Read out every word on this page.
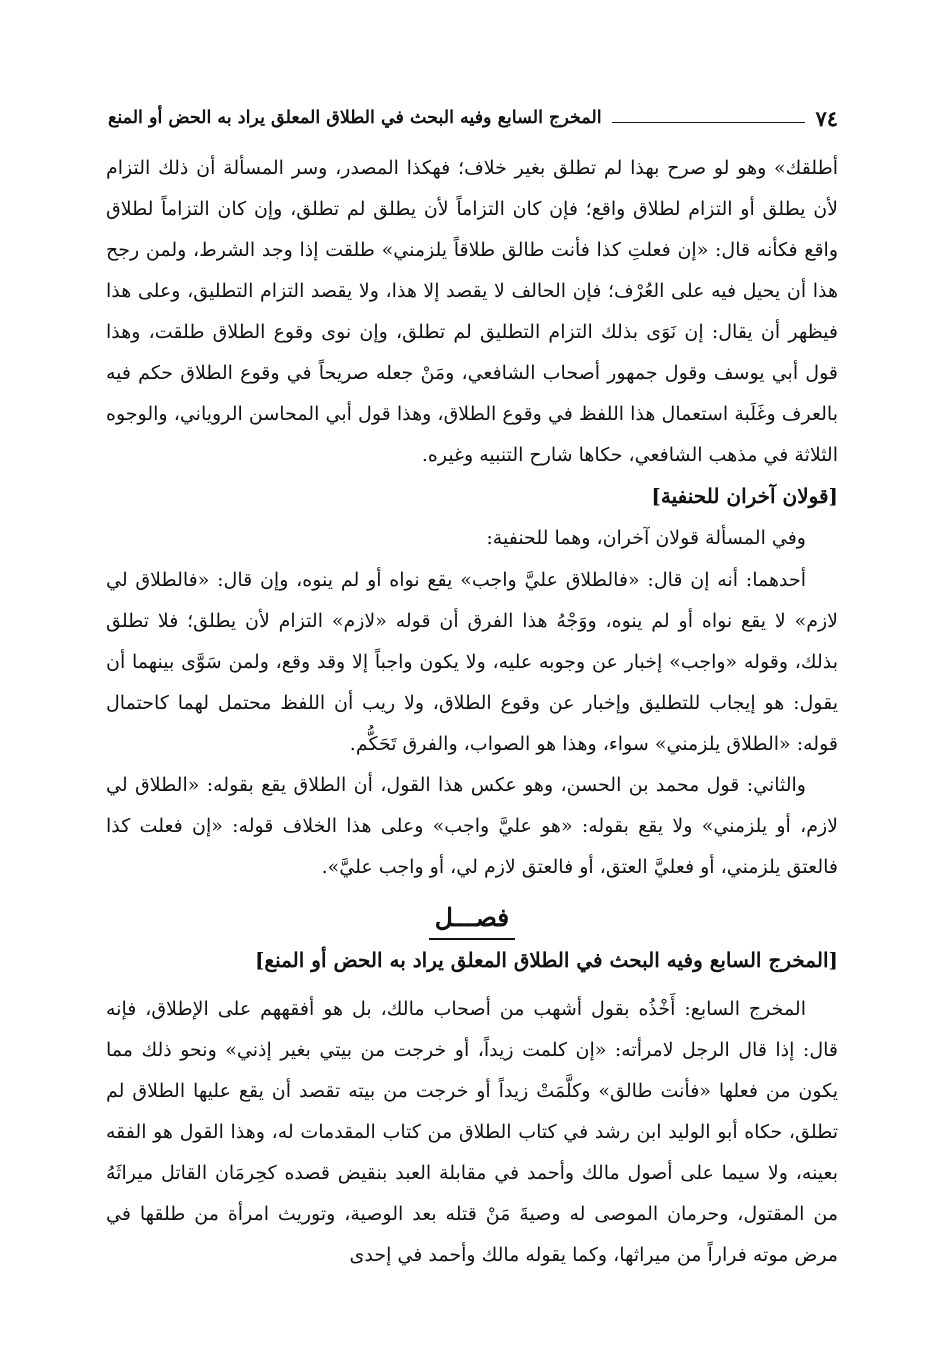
٧٤
المخرج السابع وفيه البحث في الطلاق المعلق يراد به الحض أو المنع

أطلقك» وهو لو صرح بهذا لم تطلق بغير خلاف؛ فهكذا المصدر، وسر المسألة أن ذلك التزام لأن يطلق أو التزام لطلاق واقع؛ فإن كان التزاماً لأن يطلق لم تطلق، وإن كان التزاماً لطلاق واقع فكأنه قال: «إن فعلتِ كذا فأنت طالق طلاقاً يلزمني» طلقت إذا وجد الشرط، ولمن رجح هذا أن يحيل فيه على العُرْف؛ فإن الحالف لا يقصد إلا هذا، ولا يقصد التزام التطليق، وعلى هذا فيظهر أن يقال: إن نَوَى بذلك التزام التطليق لم تطلق، وإن نوى وقوع الطلاق طلقت، وهذا قول أبي يوسف وقول جمهور أصحاب الشافعي، ومَنْ جعله صريحاً في وقوع الطلاق حكم فيه بالعرف وغَلَبة استعمال هذا اللفظ في وقوع الطلاق، وهذا قول أبي المحاسن الروياني، والوجوه الثلاثة في مذهب الشافعي، حكاها شارح التنبيه وغيره.

[قولان آخران للحنفية]

وفي المسألة قولان آخران، وهما للحنفية:

أحدهما: أنه إن قال: «فالطلاق عليَّ واجب» يقع نواه أو لم ينوه، وإن قال: «فالطلاق لي لازم» لا يقع نواه أو لم ينوه، ووَجْهُ هذا الفرق أن قوله «لازم» التزام لأن يطلق؛ فلا تطلق بذلك، وقوله «واجب» إخبار عن وجوبه عليه، ولا يكون واجباً إلا وقد وقع، ولمن سَوَّى بينهما أن يقول: هو إيجاب للتطليق وإخبار عن وقوع الطلاق، ولا ريب أن اللفظ محتمل لهما كاحتمال قوله: «الطلاق يلزمني» سواء، وهذا هو الصواب، والفرق تَحَكُّم.

والثاني: قول محمد بن الحسن، وهو عكس هذا القول، أن الطلاق يقع بقوله: «الطلاق لي لازم، أو يلزمني» ولا يقع بقوله: «هو عليَّ واجب» وعلى هذا الخلاف قوله: «إن فعلت كذا فالعتق يلزمني، أو فعليَّ العتق، أو فالعتق لازم لي، أو واجب عليَّ».

فصـــل

[المخرج السابع وفيه البحث في الطلاق المعلق يراد به الحض أو المنع]

المخرج السابع: أَخْذُه بقول أشهب من أصحاب مالك، بل هو أفقههم على الإطلاق، فإنه قال: إذا قال الرجل لامرأته: «إن كلمت زيداً، أو خرجت من بيتي بغير إذني» ونحو ذلك مما يكون من فعلها «فأنت طالق» وكلَّمَتْ زيداً أو خرجت من بيته تقصد أن يقع عليها الطلاق لم تطلق، حكاه أبو الوليد ابن رشد في كتاب الطلاق من كتاب المقدمات له، وهذا القول هو الفقه بعينه، ولا سيما على أصول مالك وأحمد في مقابلة العبد بنقيض قصده كحِرمَان القاتل ميراثَهُ من المقتول، وحرمان الموصى له وصيةَ مَنْ قتله بعد الوصية، وتوريث امرأة من طلقها في مرض موته فراراً من ميراثها، وكما يقوله مالك وأحمد في إحدى
